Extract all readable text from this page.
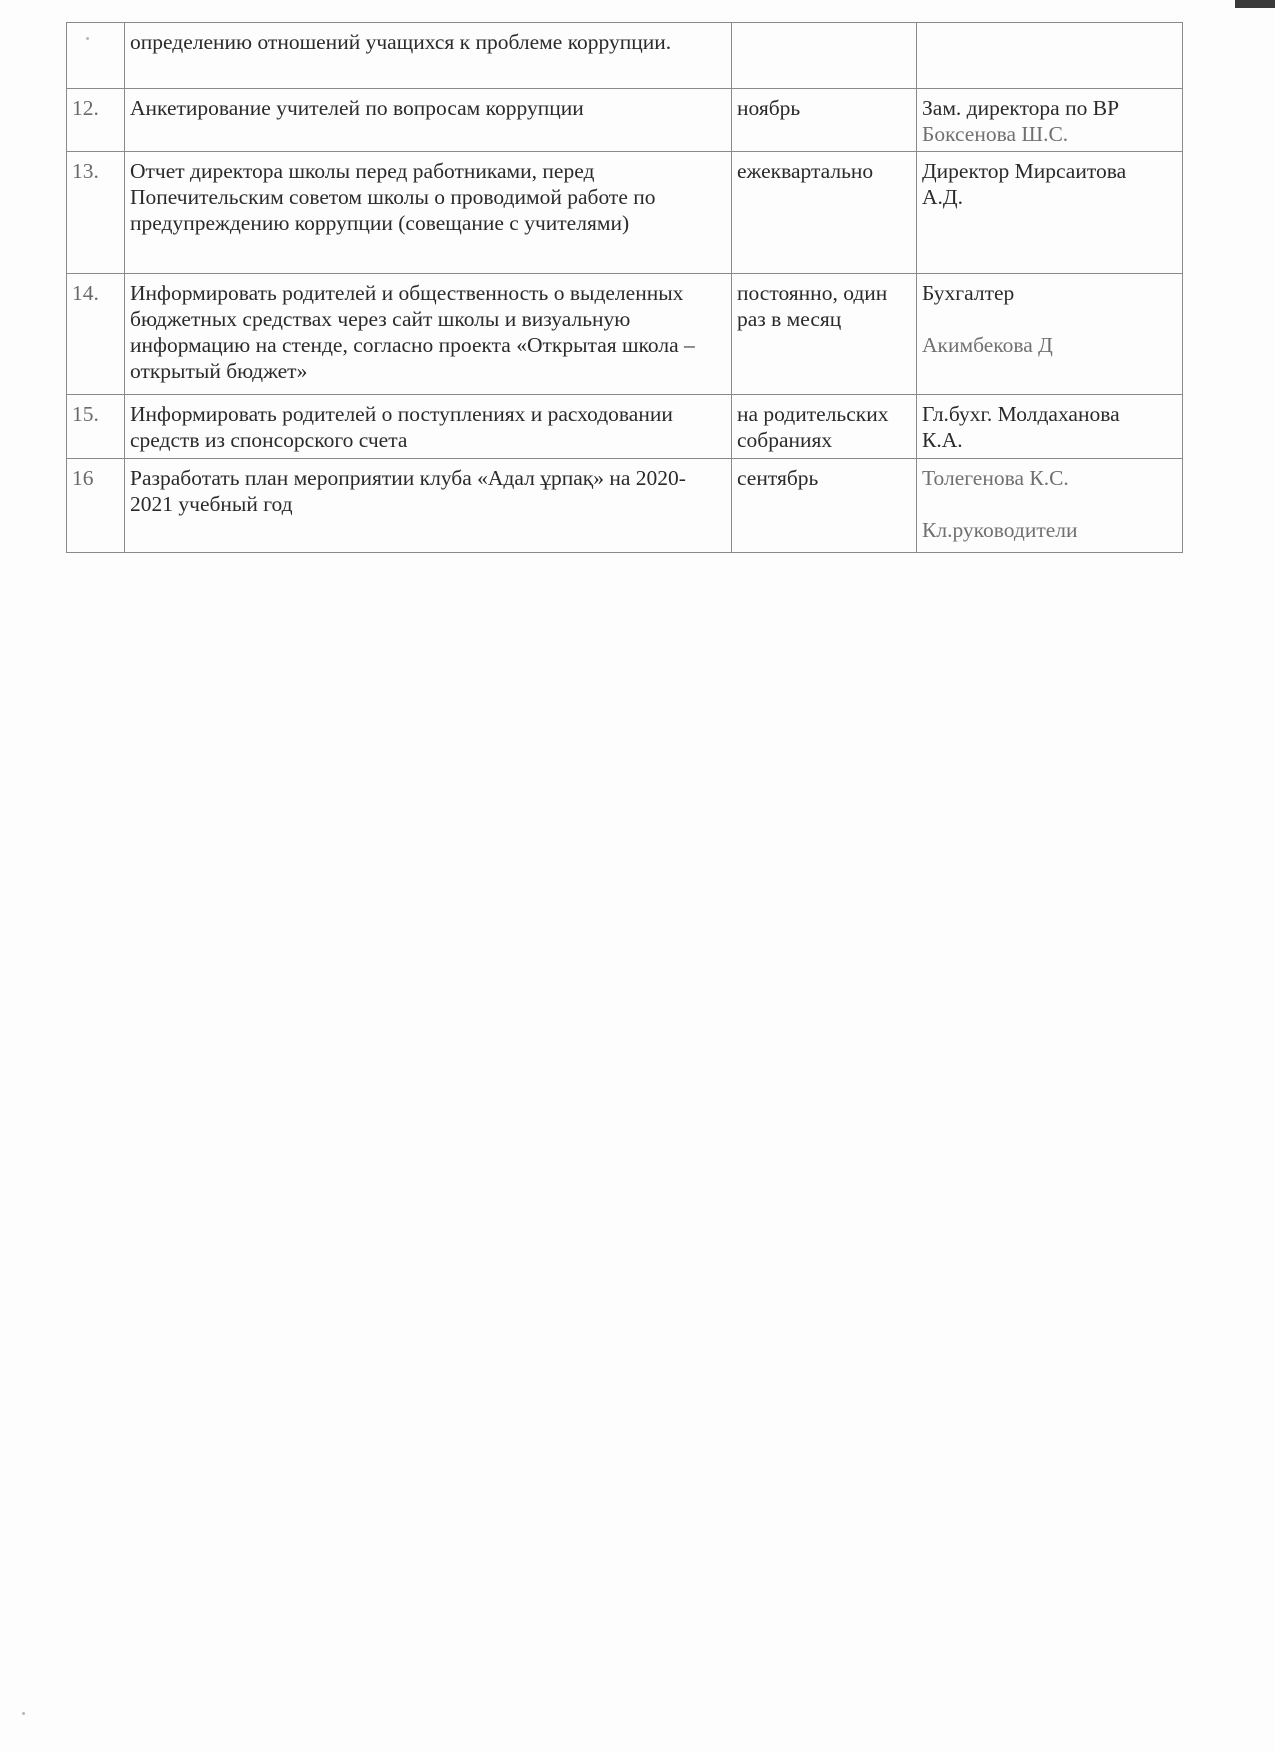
	определению отношений учащихся к проблеме коррупции.		
12.	Анкетирование учителей по вопросам коррупции	ноябрь	Зам. директора по ВР
Боксенова Ш.С.
13.	Отчет директора школы перед работниками, перед Попечительским советом школы о проводимой работе по предупреждению коррупции (совещание с учителями)	ежеквартально	Директор Мирсаитова
А.Д.
14.	Информировать родителей и общественность о выделенных бюджетных средствах через сайт школы и визуальную информацию на стенде, согласно проекта «Открытая школа – открытый бюджет»	постоянно, один раз в месяц	Бухгалтер
Акимбекова Д
15.	Информировать родителей о поступлениях и расходовании средств из спонсорского счета	на родительских собраниях	Гл.бухг. Молдаханова
К.А.
16	Разработать план мероприятии клуба «Адал ұрпақ» на 2020-2021 учебный год	сентябрь	Толегенова К.С.
Кл.руководители
